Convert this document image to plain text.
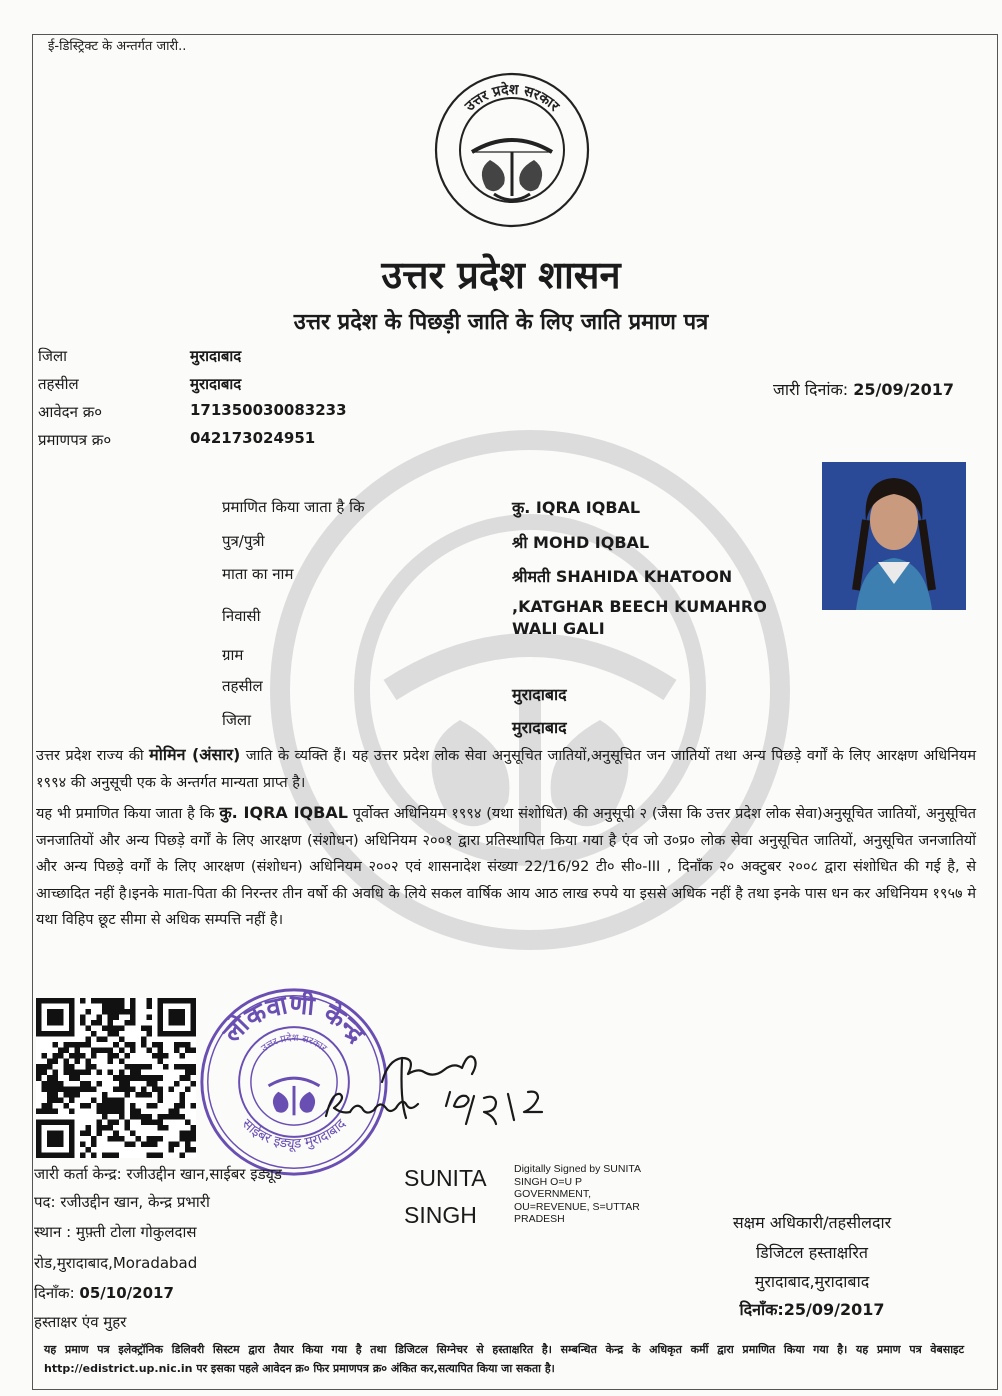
ई-डिस्ट्रिक्ट के अन्तर्गत जारी..
उत्तर प्रदेश सरकार
उत्तर प्रदेश शासन
उत्तर प्रदेश के पिछड़ी जाति के लिए जाति प्रमाण पत्र
जिला	मुरादाबाद
तहसील	मुरादाबाद
आवेदन क्र०	171350030083233
प्रमाणपत्र क्र०	042173024951
जारी दिनांक: 25/09/2017
प्रमाणित किया जाता है कि	कु. IQRA IQBAL
पुत्र/पुत्री	श्री MOHD IQBAL
माता का नाम	श्रीमती SHAHIDA KHATOON
निवासी	,KATGHAR BEECH KUMAHRO
WALI GALI
ग्राम
तहसील	मुरादाबाद
जिला	मुरादाबाद
उत्तर प्रदेश राज्य की मोमिन (अंसार) जाति के व्यक्ति हैं। यह उत्तर प्रदेश लोक सेवा अनुसूचित जातियों,अनुसूचित जन जातियों तथा अन्य पिछड़े वर्गों के लिए आरक्षण अधिनियम १९९४ की अनुसूची एक के अन्तर्गत मान्यता प्राप्त है।
यह भी प्रमाणित किया जाता है कि कु. IQRA IQBAL पूर्वोक्त अधिनियम १९९४ (यथा संशोधित) की अनुसूची २ (जैसा कि उत्तर प्रदेश लोक सेवा)अनुसूचित जातियों, अनुसूचित जनजातियों और अन्य पिछड़े वर्गों के लिए आरक्षण (संशोधन) अधिनियम २००१ द्वारा प्रतिस्थापित किया गया है एंव जो उ०प्र० लोक सेवा अनुसूचित जातियों, अनुसूचित जनजातियों और अन्य पिछड़े वर्गों के लिए आरक्षण (संशोधन) अधिनियम २००२ एवं शासनादेश संख्या 22/16/92 टी० सी०-III , दिनाँक २० अक्टुबर २००८ द्वारा संशोधित की गई है, से आच्छादित नहीं है।इनके माता-पिता की निरन्तर तीन वर्षो की अवधि के लिये सकल वार्षिक आय आठ लाख रुपये या इससे अधिक नहीं है तथा इनके पास धन कर अधिनियम १९५७ मे यथा विहिप छूट सीमा से अधिक सम्पत्ति नहीं है।
लोकवाणी केन्द्र
साईबर इड्यूड मुरादाबाद
उत्तर प्रदेश सरकार
जारी कर्ता केन्द्र: रजीउद्दीन खान,साईबर इड्यूड
पद: रजीउद्दीन खान, केन्द्र प्रभारी
स्थान : मुफ़्ती टोला गोकुलदास
रोड,मुरादाबाद,Moradabad
दिनाँक: 05/10/2017
हस्ताक्षर एंव मुहर
SUNITA
SINGH
Digitally Signed by SUNITA SINGH O=U P GOVERNMENT, OU=REVENUE, S=UTTAR PRADESH	सक्षम अधिकारी/तहसीलदार
डिजिटल हस्ताक्षरित
मुरादाबाद,मुरादाबाद
दिनाँक:25/09/2017
यह प्रमाण पत्र इलेक्ट्रॉनिक डिलिवरी सिस्टम द्वारा तैयार किया गया है तथा डिजिटल सिग्नेचर से हस्ताक्षरित है। सम्बन्धित केन्द्र के अधिकृत कर्मी द्वारा प्रमाणित किया गया है। यह प्रमाण पत्र वेबसाइट http://edistrict.up.nic.in पर इसका पहले आवेदन क्र० फिर प्रमाणपत्र क्र० अंकित कर,सत्यापित किया जा सकता है।
